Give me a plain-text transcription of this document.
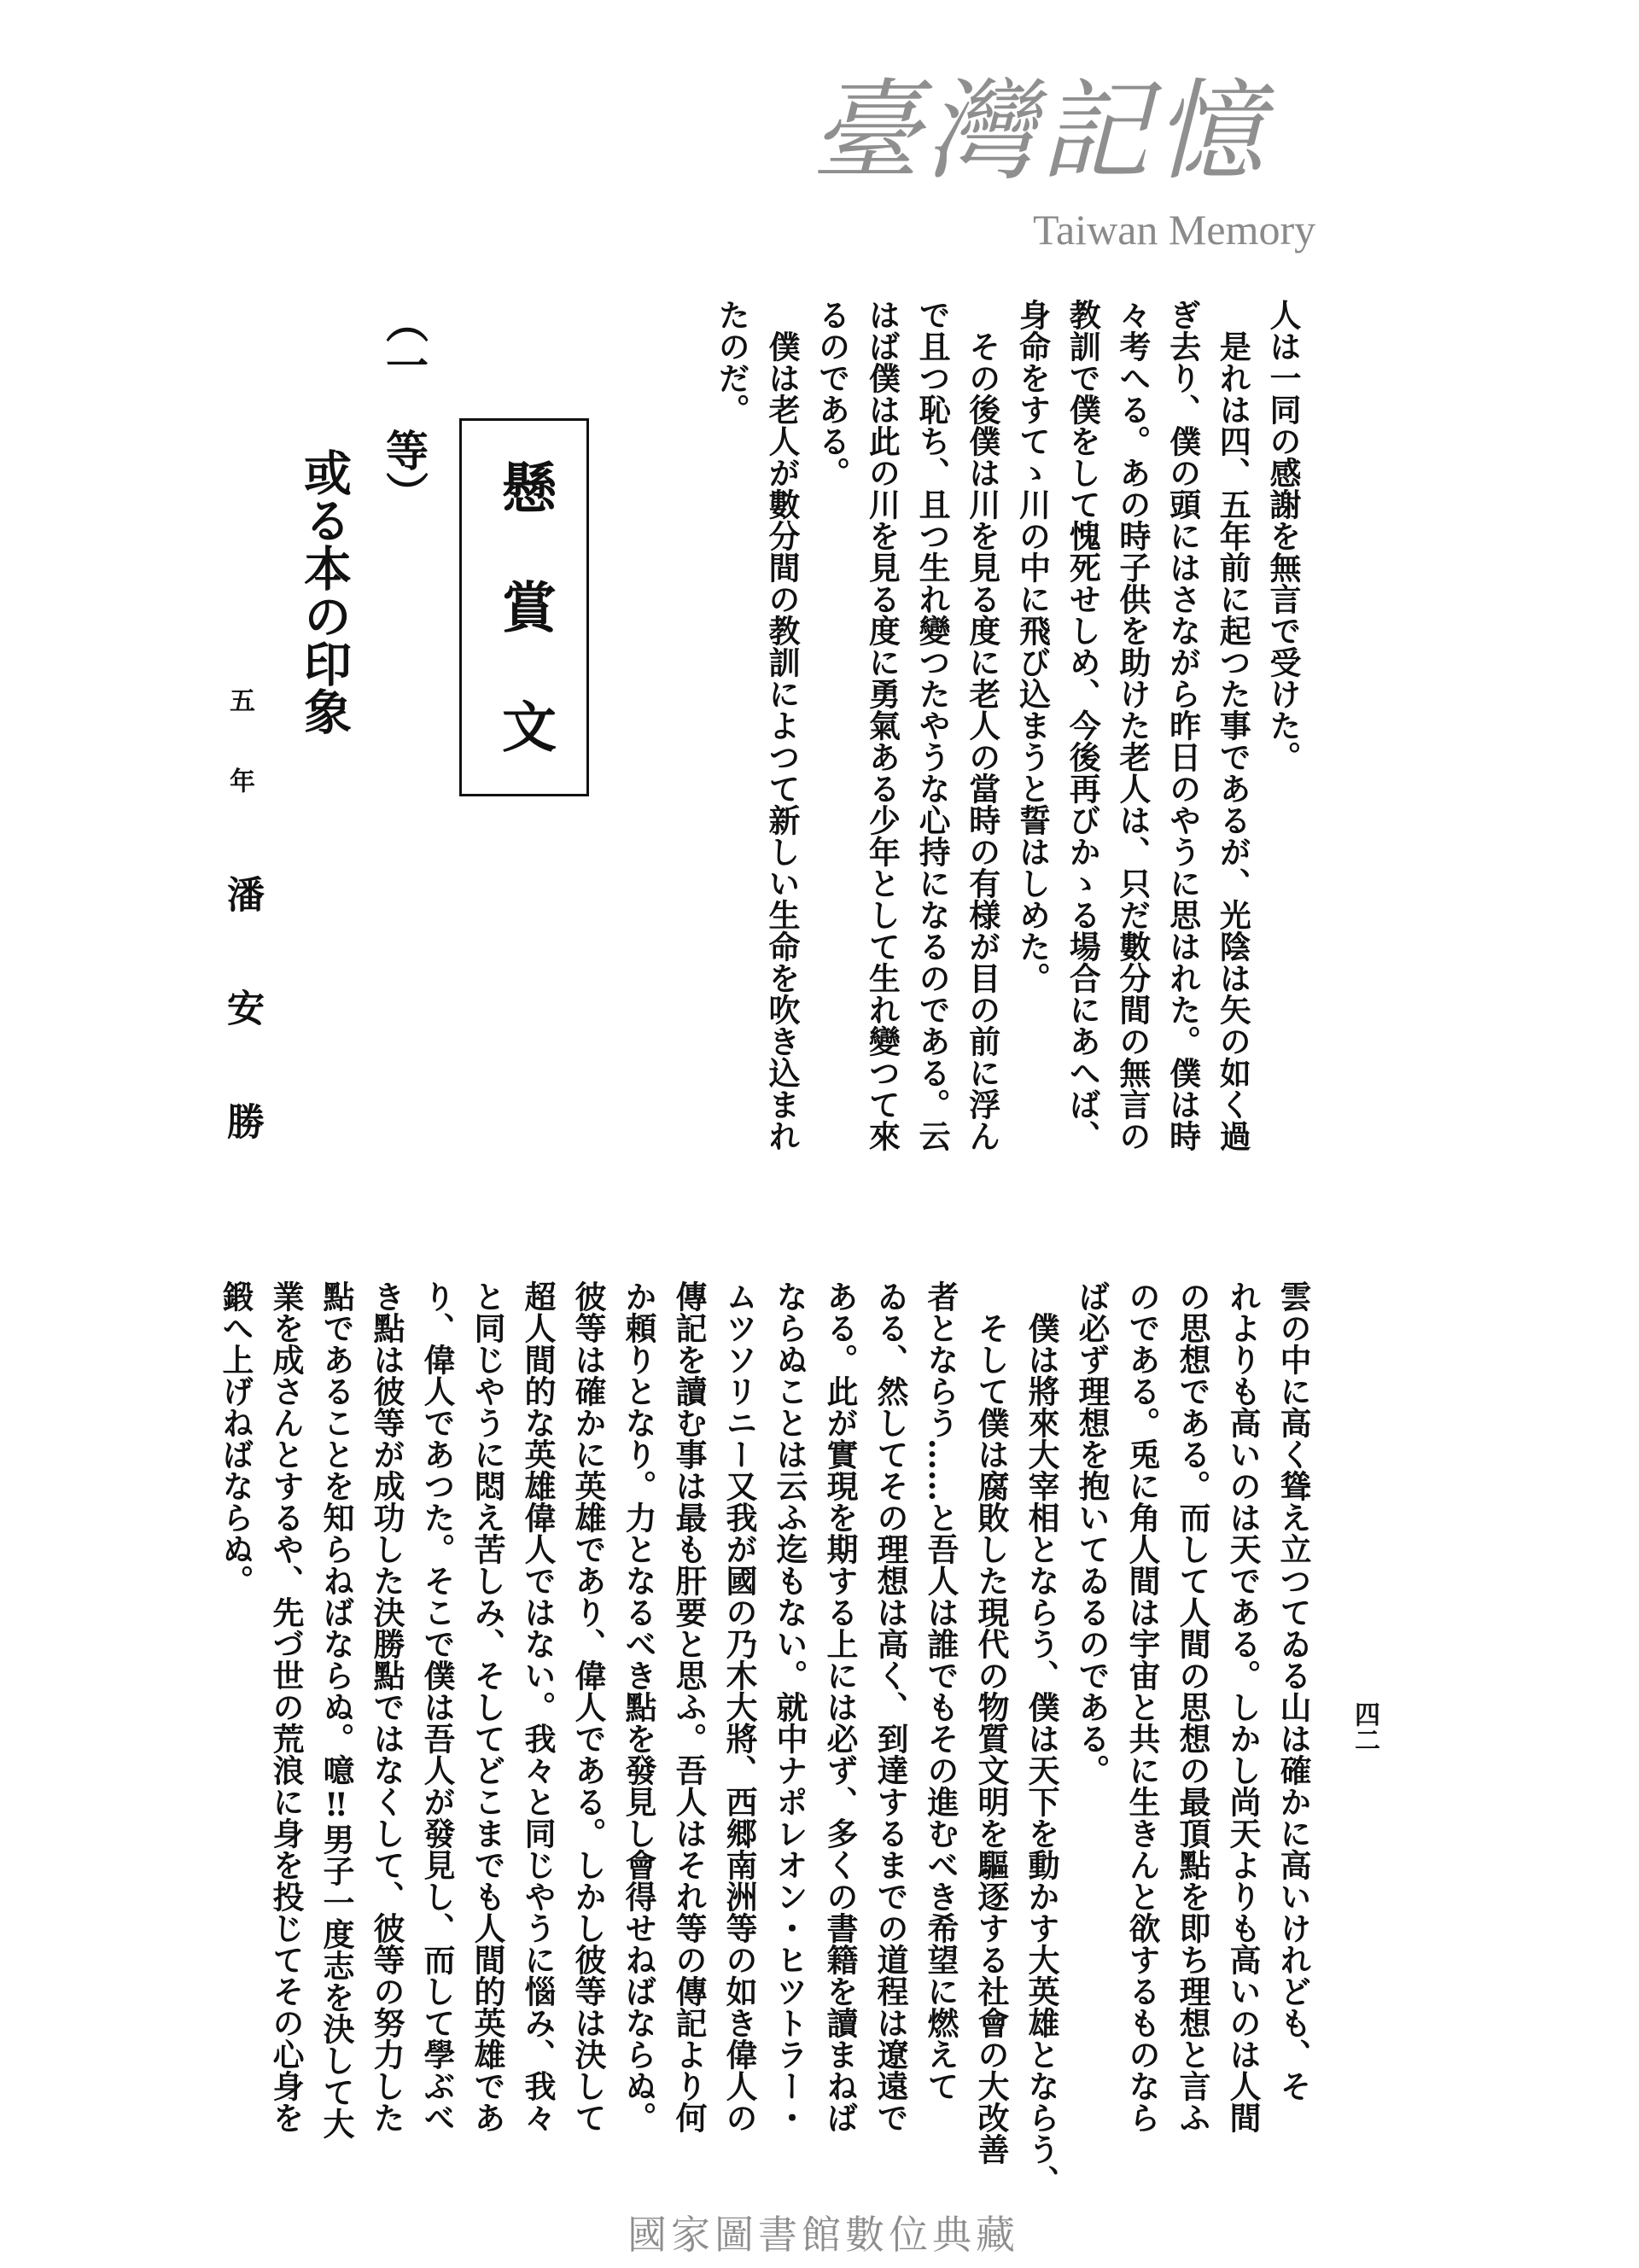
臺灣記憶
Taiwan Memory
人は一同の感謝を無言で受けた。
　是れは四、五年前に起つた事であるが、光陰は矢の如く過
ぎ去り、僕の頭にはさながら昨日のやうに思はれた。僕は時
々考へる。あの時子供を助けた老人は、只だ數分間の無言の
教訓で僕をして愧死せしめ、今後再びかゝる場合にあへば、
身命をすてゝ川の中に飛び込まうと誓はしめた。
　その後僕は川を見る度に老人の當時の有様が目の前に浮ん
で且つ恥ち、且つ生れ變つたやうな心持になるのである。云
はば僕は此の川を見る度に勇氣ある少年として生れ變つて來
るのである。
　僕は老人が數分間の教訓によつて新しい生命を吹き込まれ
たのだ。
懸賞文
（一　等）
或る本の印象
五年
潘安勝
四二
雲の中に高く聳え立つてゐる山は確かに高いけれども、そ
れよりも高いのは天である。しかし尚天よりも高いのは人間
の思想である。而して人間の思想の最頂點を即ち理想と言ふ
のである。兎に角人間は宇宙と共に生きんと欲するものなら
ば必ず理想を抱いてゐるのである。
　僕は將來大宰相とならう、僕は天下を動かす大英雄とならう、
　そして僕は腐敗した現代の物質文明を驅逐する社會の大改善
者とならう……と吾人は誰でもその進むべき希望に燃えて
ゐる、然してその理想は高く、到達するまでの道程は遼遠で
ある。此が實現を期する上には必ず、多くの書籍を讀まねば
ならぬことは云ふ迄もない。就中ナポレオン・ヒツトラー・
ムツソリニー又我が國の乃木大將、西郷南洲等の如き偉人の
傳記を讀む事は最も肝要と思ふ。吾人はそれ等の傳記より何
か頼りとなり。力となるべき點を發見し會得せねばならぬ。
彼等は確かに英雄であり、偉人である。しかし彼等は決して
超人間的な英雄偉人ではない。我々と同じやうに惱み、我々
と同じやうに悶え苦しみ、そしてどこまでも人間的英雄であ
り、偉人であつた。そこで僕は吾人が發見し、而して學ぶべ
き點は彼等が成功した決勝點ではなくして、彼等の努力した
點であることを知らねばならぬ。噫‼男子一度志を決して大
業を成さんとするや、先づ世の荒浪に身を投じてその心身を
鍛へ上げねばならぬ。
國家圖書館數位典藏
